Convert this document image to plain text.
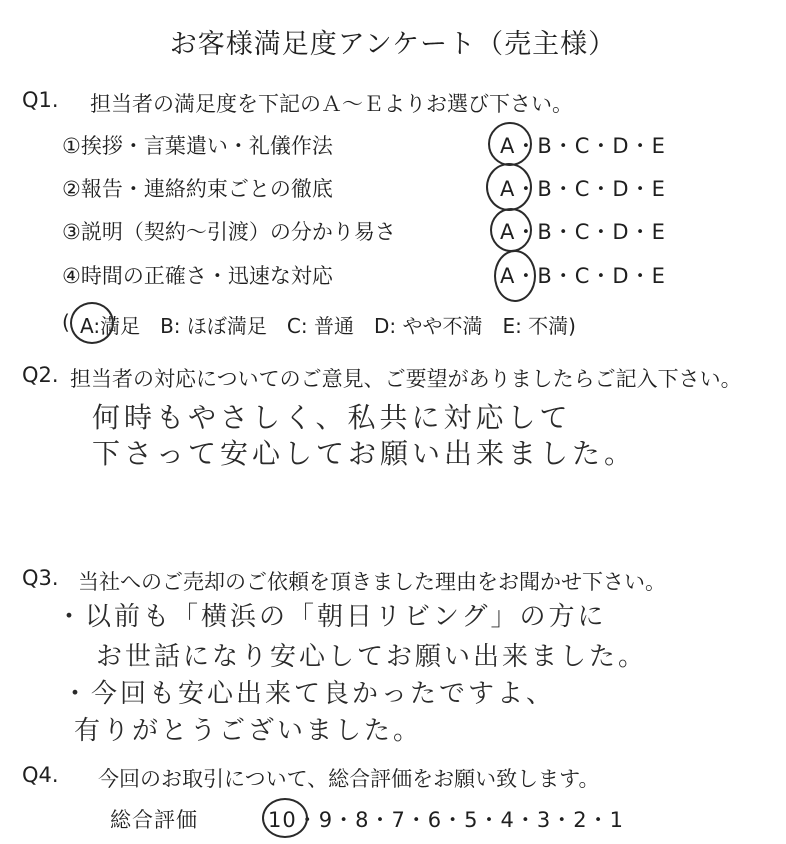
お客様満足度アンケート（売主様）
Q1. 担当者の満足度を下記のＡ～Ｅよりお選び下さい。
①挨拶・言葉遣い・礼儀作法	A・B・C・D・E
②報告・連絡約束ごとの徹底	A・B・C・D・E
③説明（契約～引渡）の分かり易さ	A・B・C・D・E
④時間の正確さ・迅速な対応	A・B・C・D・E
( A:満足　B: ほぼ満足　C: 普通　D: やや不満　E: 不満)
Q2. 担当者の対応についてのご意見、ご要望がありましたらご記入下さい。
何時もやさしく、私共に対応して
下さって安心してお願い出来ました。
Q3. 当社へのご売却のご依頼を頂きました理由をお聞かせ下さい。
・以前も「横浜の「朝日リビング」の方に
お世話になり安心してお願い出来ました。
・今回も安心出来て良かったですよ、
有りがとうございました。
Q4. 今回のお取引について、総合評価をお願い致します。
総合評価	10・9・8・7・6・5・4・3・2・1
